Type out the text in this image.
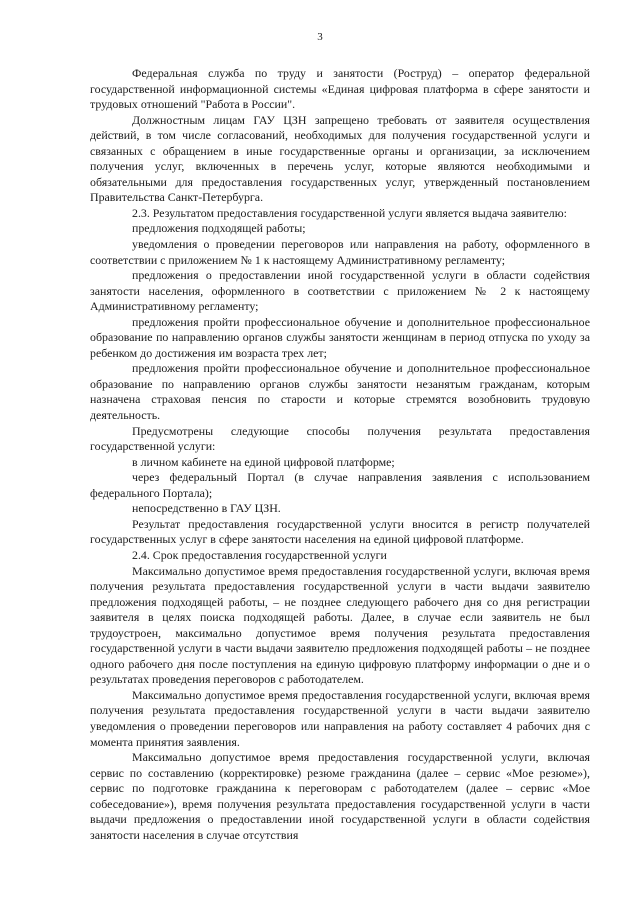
3

Федеральная служба по труду и занятости (Роструд) – оператор федеральной государственной информационной системы «Единая цифровая платформа в сфере занятости и трудовых отношений "Работа в России".

Должностным лицам ГАУ ЦЗН запрещено требовать от заявителя осуществления действий, в том числе согласований, необходимых для получения государственной услуги и связанных с обращением в иные государственные органы и организации, за исключением получения услуг, включенных в перечень услуг, которые являются необходимыми и обязательными для предоставления государственных услуг, утвержденный постановлением Правительства Санкт-Петербурга.

2.3. Результатом предоставления государственной услуги является выдача заявителю:

предложения подходящей работы;

уведомления о проведении переговоров или направления на работу, оформленного в соответствии с приложением № 1 к настоящему Административному регламенту;

предложения о предоставлении иной государственной услуги в области содействия занятости населения, оформленного в соответствии с приложением № 2 к настоящему Административному регламенту;

предложения пройти профессиональное обучение и дополнительное профессиональное образование по направлению органов службы занятости женщинам в период отпуска по уходу за ребенком до достижения им возраста трех лет;

предложения пройти профессиональное обучение и дополнительное профессиональное образование по направлению органов службы занятости незанятым гражданам, которым назначена страховая пенсия по старости и которые стремятся возобновить трудовую деятельность.

Предусмотрены следующие способы получения результата предоставления государственной услуги:

в личном кабинете на единой цифровой платформе;

через федеральный Портал (в случае направления заявления с использованием федерального Портала);

непосредственно в ГАУ ЦЗН.

Результат предоставления государственной услуги вносится в регистр получателей государственных услуг в сфере занятости населения на единой цифровой платформе.

2.4. Срок предоставления государственной услуги

Максимально допустимое время предоставления государственной услуги, включая время получения результата предоставления государственной услуги в части выдачи заявителю предложения подходящей работы, – не позднее следующего рабочего дня со дня регистрации заявителя в целях поиска подходящей работы. Далее, в случае если заявитель не был трудоустроен, максимально допустимое время получения результата предоставления государственной услуги в части выдачи заявителю предложения подходящей работы – не позднее одного рабочего дня после поступления на единую цифровую платформу информации о дне и о результатах проведения переговоров с работодателем.

Максимально допустимое время предоставления государственной услуги, включая время получения результата предоставления государственной услуги в части выдачи заявителю уведомления о проведении переговоров или направления на работу составляет 4 рабочих дня с момента принятия заявления.

Максимально допустимое время предоставления государственной услуги, включая сервис по составлению (корректировке) резюме гражданина (далее – сервис «Мое резюме»), сервис по подготовке гражданина к переговорам с работодателем (далее – сервис «Мое собеседование»), время получения результата предоставления государственной услуги в части выдачи предложения о предоставлении иной государственной услуги в области содействия занятости населения в случае отсутствия
